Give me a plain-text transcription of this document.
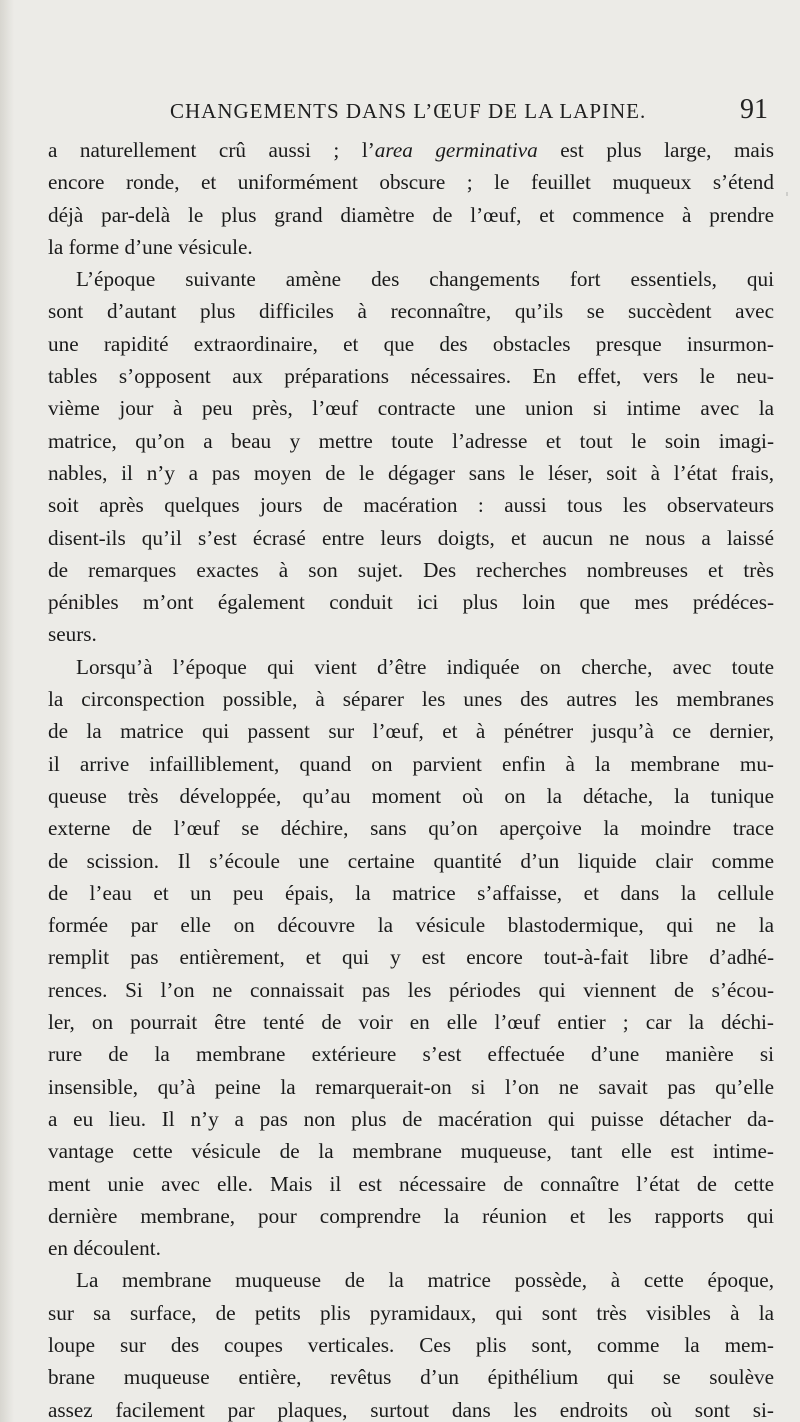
CHANGEMENTS DANS L’ŒUF DE LA LAPINE.	91
a naturellement crû aussi ; l’area germinativa est plus large, mais
encore ronde, et uniformément obscure ; le feuillet muqueux s’étend
déjà par-delà le plus grand diamètre de l’œuf, et commence à prendre
la forme d’une vésicule.
L’époque suivante amène des changements fort essentiels, qui
sont d’autant plus difficiles à reconnaître, qu’ils se succèdent avec
une rapidité extraordinaire, et que des obstacles presque insurmon-
tables s’opposent aux préparations nécessaires. En effet, vers le neu-
vième jour à peu près, l’œuf contracte une union si intime avec la
matrice, qu’on a beau y mettre toute l’adresse et tout le soin imagi-
nables, il n’y a pas moyen de le dégager sans le léser, soit à l’état frais,
soit après quelques jours de macération : aussi tous les observateurs
disent-ils qu’il s’est écrasé entre leurs doigts, et aucun ne nous a laissé
de remarques exactes à son sujet. Des recherches nombreuses et très
pénibles m’ont également conduit ici plus loin que mes prédéces-
seurs.
Lorsqu’à l’époque qui vient d’être indiquée on cherche, avec toute
la circonspection possible, à séparer les unes des autres les membranes
de la matrice qui passent sur l’œuf, et à pénétrer jusqu’à ce dernier,
il arrive infailliblement, quand on parvient enfin à la membrane mu-
queuse très développée, qu’au moment où on la détache, la tunique
externe de l’œuf se déchire, sans qu’on aperçoive la moindre trace
de scission. Il s’écoule une certaine quantité d’un liquide clair comme
de l’eau et un peu épais, la matrice s’affaisse, et dans la cellule
formée par elle on découvre la vésicule blastodermique, qui ne la
remplit pas entièrement, et qui y est encore tout-à-fait libre d’adhé-
rences. Si l’on ne connaissait pas les périodes qui viennent de s’écou-
ler, on pourrait être tenté de voir en elle l’œuf entier ; car la déchi-
rure de la membrane extérieure s’est effectuée d’une manière si
insensible, qu’à peine la remarquerait-on si l’on ne savait pas qu’elle
a eu lieu. Il n’y a pas non plus de macération qui puisse détacher da-
vantage cette vésicule de la membrane muqueuse, tant elle est intime-
ment unie avec elle. Mais il est nécessaire de connaître l’état de cette
dernière membrane, pour comprendre la réunion et les rapports qui
en découlent.
La membrane muqueuse de la matrice possède, à cette époque,
sur sa surface, de petits plis pyramidaux, qui sont très visibles à la
loupe sur des coupes verticales. Ces plis sont, comme la mem-
brane muqueuse entière, revêtus d’un épithélium qui se soulève
assez facilement par plaques, surtout dans les endroits où sont si-
